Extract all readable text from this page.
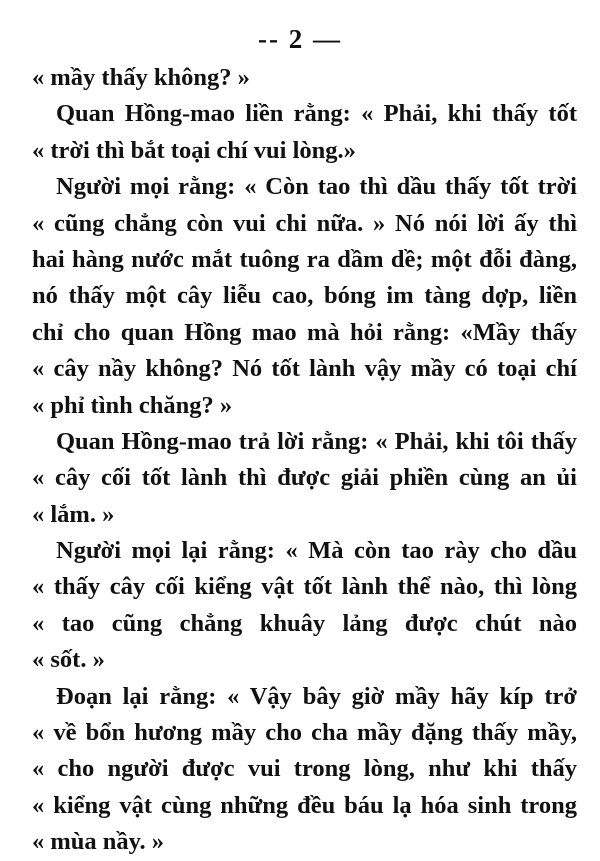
-- 2 —
« mầy thấy không? »
Quan Hồng-mao liền rằng: « Phải, khi thấy tốt
« trời thì bắt toại chí vui lòng.»
Người mọi rằng: « Còn tao thì dầu thấy tốt trời
« cũng chẳng còn vui chi nữa. » Nó nói lời ấy thì
hai hàng nước mắt tuông ra dầm dề; một đỗi đàng,
nó thấy một cây liễu cao, bóng im tàng dợp, liền
chỉ cho quan Hồng mao mà hỏi rằng: «Mầy thấy
« cây nầy không? Nó tốt lành vậy mầy có toại chí
« phỉ tình chăng? »
Quan Hồng-mao trả lời rằng: « Phải, khi tôi thấy
« cây cối tốt lành thì được giải phiền cùng an ủi
« lắm. »
Người mọi lại rằng: « Mà còn tao rày cho dầu
« thấy cây cối kiểng vật tốt lành thể nào, thì lòng
« tao cũng chẳng khuây lảng được chút nào
« sốt. »
Đoạn lại rằng: « Vậy bây giờ mầy hãy kíp trở
« về bổn hương mầy cho cha mầy đặng thấy mầy,
« cho người được vui trong lòng, như khi thấy
« kiểng vật cùng những đều báu lạ hóa sinh trong
« mùa nầy. »
